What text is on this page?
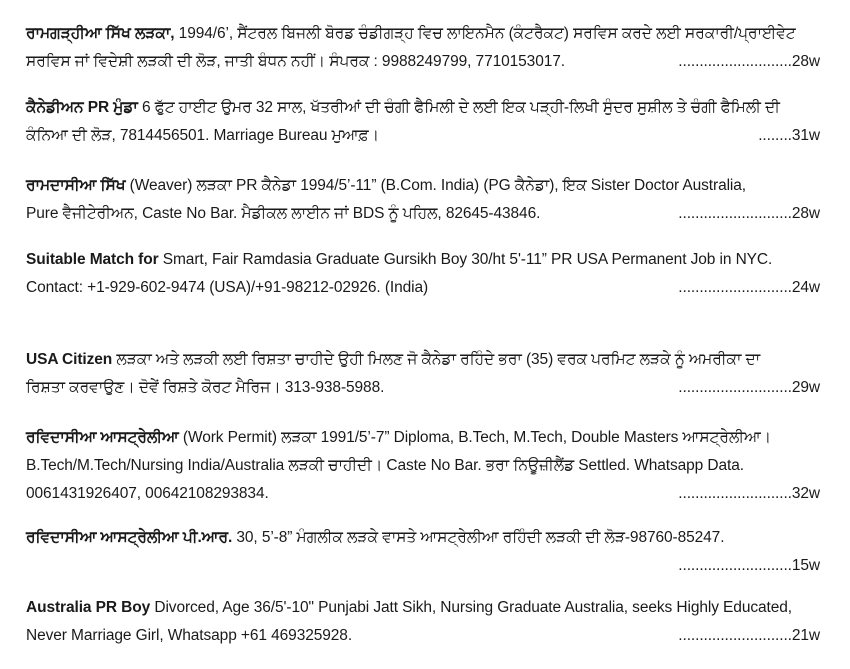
ਰਾਮਗੜ੍ਹੀਆ ਸਿੱਖ ਲੜਕਾ, 1994/6’, ਸੈਂਟਰਲ ਬਿਜਲੀ ਬੋਰਡ ਚੰਡੀਗੜ੍ਹ ਵਿਚ ਲਾਇਨਮੈਨ (ਕੰਟਰੈਕਟ) ਸਰਵਿਸ ਕਰਦੇ ਲਈ ਸਰਕਾਰੀ/ਪ੍ਰਾਈਵੇਟ

ਸਰਵਿਸ ਜਾਂ ਵਿਦੇਸ਼ੀ ਲੜਕੀ ਦੀ ਲੋੜ, ਜਾਤੀ ਬੰਧਨ ਨਹੀਂ। ਸੰਪਰਕ : 9988249799, 7710153017.	...........................28w

ਕੈਨੇਡੀਅਨ PR ਮੁੰਡਾ 6 ਫੁੱਟ ਹਾਈਟ ਉਮਰ 32 ਸਾਲ, ਖੱਤਰੀਆਂ ਦੀ ਚੰਗੀ ਫੈਮਿਲੀ ਦੇ ਲਈ ਇਕ ਪੜ੍ਹੀ-ਲਿਖੀ ਸੁੰਦਰ ਸੁਸ਼ੀਲ ਤੇ ਚੰਗੀ ਫੈਮਿਲੀ ਦੀ

ਕੰਨਿਆ ਦੀ ਲੋੜ, 7814456501. Marriage Bureau ਮੁਆਫ਼।	........31w

ਰਾਮਦਾਸੀਆ ਸਿੱਖ (Weaver) ਲੜਕਾ PR ਕੈਨੇਡਾ 1994/5’-11” (B.Com. India) (PG ਕੈਨੇਡਾ), ਇਕ Sister Doctor Australia,

Pure ਵੈਜੀਟੇਰੀਅਨ, Caste No Bar. ਮੈਡੀਕਲ ਲਾਈਨ ਜਾਂ BDS ਨੂੰ ਪਹਿਲ, 82645-43846.	...........................28w

Suitable Match for Smart, Fair Ramdasia Graduate Gursikh Boy 30/ht 5'-11” PR USA Permanent Job in NYC.

Contact: +1-929-602-9474 (USA)/+91-98212-02926. (India)	...........................24w

USA Citizen ਲੜਕਾ ਅਤੇ ਲੜਕੀ ਲਈ ਰਿਸ਼ਤਾ ਚਾਹੀਦੇ ਉਹੀ ਮਿਲਣ ਜੋ ਕੈਨੇਡਾ ਰਹਿੰਦੇ ਭਰਾ (35) ਵਰਕ ਪਰਮਿਟ ਲੜਕੇ ਨੂੰ ਅਮਰੀਕਾ ਦਾ

ਰਿਸ਼ਤਾ ਕਰਵਾਉਣ। ਦੋਵੇਂ ਰਿਸ਼ਤੇ ਕੋਰਟ ਮੈਰਿਜ। 313-938-5988.	...........................29w

ਰਵਿਦਾਸੀਆ ਆਸਟ੍ਰੇਲੀਆ (Work Permit) ਲੜਕਾ 1991/5’-7” Diploma, B.Tech, M.Tech, Double Masters ਆਸਟ੍ਰੇਲੀਆ।

B.Tech/M.Tech/Nursing India/Australia ਲੜਕੀ ਚਾਹੀਦੀ। Caste No Bar. ਭਰਾ ਨਿਊਜ਼ੀਲੈਂਡ Settled. Whatsapp Data.

0061431926407, 00642108293834.	...........................32w

ਰਵਿਦਾਸੀਆ ਆਸਟ੍ਰੇਲੀਆ ਪੀ.ਆਰ. 30, 5’-8” ਮੰਗਲੀਕ ਲੜਕੇ ਵਾਸਤੇ ਆਸਟ੍ਰੇਲੀਆ ਰਹਿੰਦੀ ਲੜਕੀ ਦੀ ਲੋੜ-98760-85247.

...........................15w

Australia PR Boy Divorced, Age 36/5'-10" Punjabi Jatt Sikh, Nursing Graduate Australia, seeks Highly Educated,

Never Marriage Girl, Whatsapp +61 469325928.	...........................21w
